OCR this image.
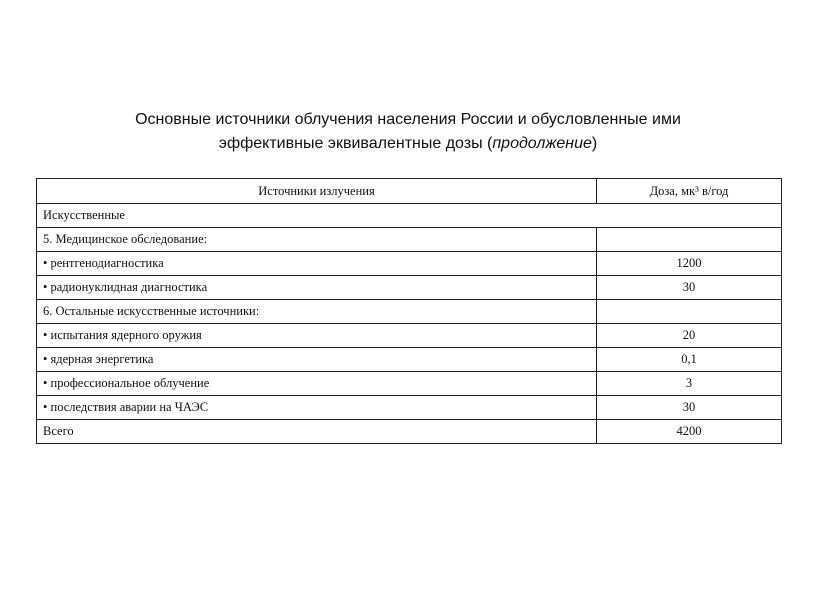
Основные источники облучения населения России и обусловленные ими
эффективные эквивалентные дозы (продолжение)
Источники излучения	Доза, мк³ в/год
Искусственные	
5. Медицинское обследование:	
• рентгенодиагностика	1200
• радионуклидная диагностика	30
6. Остальные искусственные источники:	
• испытания ядерного оружия	20
• ядерная энергетика	0,1
• профессиональное облучение	3
• последствия аварии на ЧАЭС	30
Всего	4200
